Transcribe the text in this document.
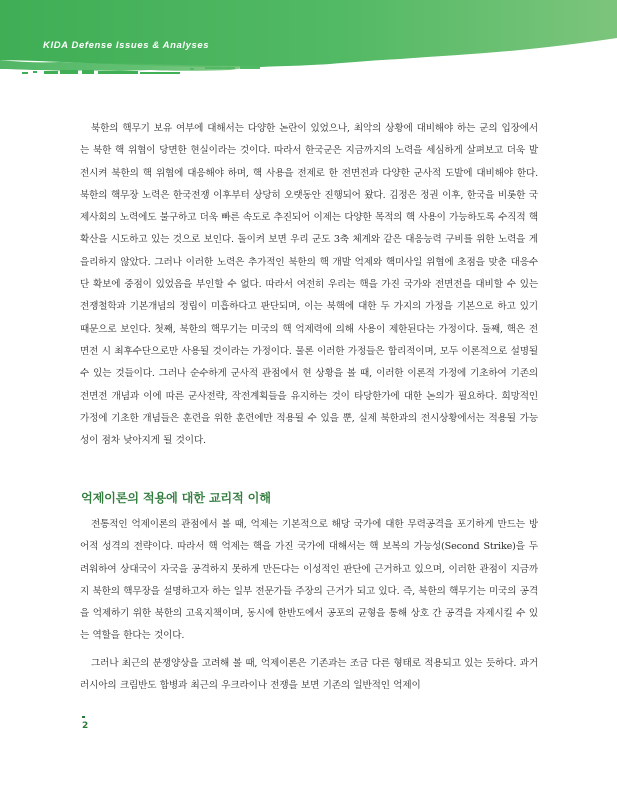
KIDA Defense Issues & Analyses

북한의 핵무기 보유 여부에 대해서는 다양한 논란이 있었으나, 최악의 상황에 대비해야 하는 군의 입장에서는 북한 핵 위협이 당면한 현실이라는 것이다. 따라서 한국군은 지금까지의 노력을 세심하게 살펴보고 더욱 발전시켜 북한의 핵 위협에 대응해야 하며, 핵 사용을 전제로 한 전면전과 다양한 군사적 도발에 대비해야 한다. 북한의 핵무장 노력은 한국전쟁 이후부터 상당히 오랫동안 진행되어 왔다. 김정은 정권 이후, 한국을 비롯한 국제사회의 노력에도 불구하고 더욱 빠른 속도로 추진되어 이제는 다양한 목적의 핵 사용이 가능하도록 수직적 핵확산을 시도하고 있는 것으로 보인다. 돌이켜 보면 우리 군도 3축 체계와 같은 대응능력 구비를 위한 노력을 게을리하지 않았다. 그러나 이러한 노력은 추가적인 북한의 핵 개발 억제와 핵미사일 위협에 초점을 맞춘 대응수단 확보에 중점이 있었음을 부인할 수 없다. 따라서 여전히 우리는 핵을 가진 국가와 전면전을 대비할 수 있는 전쟁철학과 기본개념의 정립이 미흡하다고 판단되며, 이는 북핵에 대한 두 가지의 가정을 기본으로 하고 있기 때문으로 보인다. 첫째, 북한의 핵무기는 미국의 핵 억제력에 의해 사용이 제한된다는 가정이다. 둘째, 핵은 전면전 시 최후수단으로만 사용될 것이라는 가정이다. 물론 이러한 가정들은 합리적이며, 모두 이론적으로 설명될 수 있는 것들이다. 그러나 순수하게 군사적 관점에서 현 상황을 볼 때, 이러한 이론적 가정에 기초하여 기존의 전면전 개념과 이에 따른 군사전략, 작전계획들을 유지하는 것이 타당한가에 대한 논의가 필요하다. 희망적인 가정에 기초한 개념들은 훈련을 위한 훈련에만 적용될 수 있을 뿐, 실제 북한과의 전시상황에서는 적용될 가능성이 점차 낮아지게 될 것이다.

억제이론의 적용에 대한 교리적 이해

전통적인 억제이론의 관점에서 볼 때, 억제는 기본적으로 해당 국가에 대한 무력공격을 포기하게 만드는 방어적 성격의 전략이다. 따라서 핵 억제는 핵을 가진 국가에 대해서는 핵 보복의 가능성(Second Strike)을 두려워하여 상대국이 자국을 공격하지 못하게 만든다는 이성적인 판단에 근거하고 있으며, 이러한 관점이 지금까지 북한의 핵무장을 설명하고자 하는 일부 전문가들 주장의 근거가 되고 있다. 즉, 북한의 핵무기는 미국의 공격을 억제하기 위한 북한의 고육지책이며, 동시에 한반도에서 공포의 균형을 통해 상호 간 공격을 자제시킬 수 있는 역할을 한다는 것이다.

그러나 최근의 분쟁양상을 고려해 볼 때, 억제이론은 기존과는 조금 다른 형태로 적용되고 있는 듯하다. 과거 러시아의 크림반도 합병과 최근의 우크라이나 전쟁을 보면 기존의 일반적인 억제이

2
